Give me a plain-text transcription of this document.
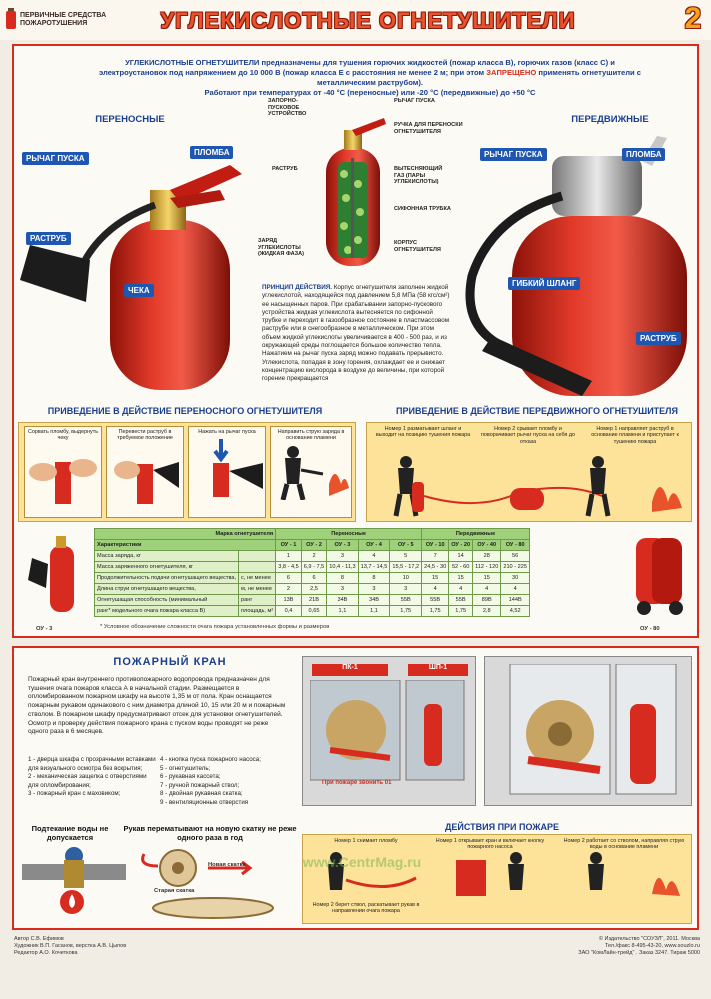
ПЕРВИЧНЫЕ СРЕДСТВА ПОЖАРОТУШЕНИЯ	УГЛЕКИСЛОТНЫЕ ОГНЕТУШИТЕЛИ	2
УГЛЕКИСЛОТНЫЕ ОГНЕТУШИТЕЛИ предназначены для тушения горючих жидкостей (пожар класса B), горючих газов (класс С) и электроустановок под напряжением до 10 000 В (пожар класса Е с расстояния не менее 2 м; при этом ЗАПРЕЩЕНО применять огнетушители с металлическим раструбом).
Работают при температурах от -40 °С (переносные) или -20 °С (передвижные) до +50 °С
ПЕРЕНОСНЫЕ
РЫЧАГ ПУСКА
ПЛОМБА
РАСТРУБ
ЧЕКА
ЗАПОРНО-ПУСКОВОЕ УСТРОЙСТВО
РЫЧАГ ПУСКА
РУЧКА ДЛЯ ПЕРЕНОСКИ ОГНЕТУШИТЕЛЯ
РАСТРУБ	ВЫТЕСНЯЮЩИЙ ГАЗ (ПАРЫ УГЛЕКИСЛОТЫ)
СИФОННАЯ ТРУБКА
ЗАРЯД УГЛЕКИСЛОТЫ (ЖИДКАЯ ФАЗА)
КОРПУС ОГНЕТУШИТЕЛЯ
ПРИНЦИП ДЕЙСТВИЯ. Корпус огнетушителя заполнен жидкой углекислотой, находящейся под давлением 5,8 МПа (58 кгс/см²) ее насыщенных паров. При срабатывании запорно-пускового устройства жидкая углекислота вытесняется по сифонной трубке и переходит в газообразное состояние в пластмассовом раструбе или в снегообразное в металлическом. При этом объем жидкой углекислоты увеличивается в 400 - 500 раз, и из окружающей среды поглощается большое количество тепла. Нажатием на рычаг пуска заряд можно подавать прерывисто. Углекислота, попадая в зону горения, охлаждает ее и снижает концентрацию кислорода в воздухе до величины, при которой горение прекращается
ПЕРЕДВИЖНЫЕ
РЫЧАГ ПУСКА	ПЛОМБА
ГИБКИЙ ШЛАНГ
РАСТРУБ
ПРИВЕДЕНИЕ В ДЕЙСТВИЕ ПЕРЕНОСНОГО ОГНЕТУШИТЕЛЯ
Сорвать пломбу, выдернуть чеку
Перевести раструб в требуемое положение
Нажать на рычаг пуска	Направить струю заряда в основание пламени
ПРИВЕДЕНИЕ В ДЕЙСТВИЕ ПЕРЕДВИЖНОГО ОГНЕТУШИТЕЛЯ
Номер 1 разматывает шланг и выходит на позицию тушения пожара
Номер 2 срывает пломбу и поворачивает рычаг пуска на себя до отказа
Номер 1 направляет раструб в основание пламени и приступает к тушению пожара
Марка огнетушителя		Переносные					Передвижные			
Характеристики		ОУ - 1	ОУ - 2	ОУ - 3	ОУ - 4	ОУ - 5	ОУ - 10	ОУ - 20	ОУ - 40	ОУ - 80
Масса заряда, кг		1	2	3	4	5	7	14	28	56
Масса заряженного огнетушителя, кг		3,8 - 4,5	6,9 - 7,5	10,4 - 11,3	13,7 - 14,5	15,5 - 17,2	24,5 - 30	52 - 60	112 - 120	210 - 225
Продолжительность подачи огнетушащего вещества,	с, не менее	6	6	8	8	10	15	15	15	30
Длина струи огнетушащего вещества,	м, не менее	2	2,5	3	3	3	4	4	4	4
Огнетушащая способность (минимальный	ранг	13В	21В	34В	34В	55В	55В	55В	89В	144В
ранг* модельного очага пожара класса В)	площадь, м²	0,4	0,65	1,1	1,1	1,75	1,75	1,75	2,8	4,52
* Условное обозначение сложности очага пожара установленных формы и размеров
ОУ - 3	ОУ - 80
ПОЖАРНЫЙ КРАН
Пожарный кран внутреннего противопожарного водопровода предназначен для тушения очага пожаров класса А в начальной стадии. Размещается в опломбированном пожарном шкафу на высоте 1,35 м от пола. Кран оснащается пожарным рукавом одинакового с ним диаметра длиной 10, 15 или 20 м и пожарным стволом. В пожарном шкафу предусматривают отсек для установки огнетушителей. Осмотр и проверку действия пожарного крана с пуском воды проводят не реже одного раза в 6 месяцев.
1 - дверца шкафа с прозрачными вставками для визуального осмотра без вскрытия;
2 - механическая защелка с отверстиями для опломбирования;
3 - пожарный кран с маховиком;
4 - кнопка пуска пожарного насоса;
5 - огнетушитель;
6 - рукавная кассета;
7 - ручной пожарный ствол;
8 - двойная рукавная скатка;
9 - вентиляционные отверстия
Подтекание воды не допускается
Рукав перематывают на новую скатку не реже одного раза в год
Новая скатка
Старая скатка
ПК-1	ШП-1
При пожаре звонить 01
ДЕЙСТВИЯ ПРИ ПОЖАРЕ
Номер 1 снимает пломбу
Номер 2 берет ствол, раскатывает рукав в направлении очага пожара
Номер 1 открывает кран и включает кнопку пожарного насоса
Номер 2 работает со стволом, направляя струю воды в основание пламени
www.CentrMag.ru
Автор С.В. Ефимов
Художник В.П. Гасанов, верстка А.В. Цыпов
Редактор А.О. Кочеткова
© Издательство "СОУЗЛ", 2011. Москва
Тел./факс 8-495-43-20, www.souzlo.ru
ЗАО "КомЛайн-трейд" . Заказ 3247. Тираж 5000
